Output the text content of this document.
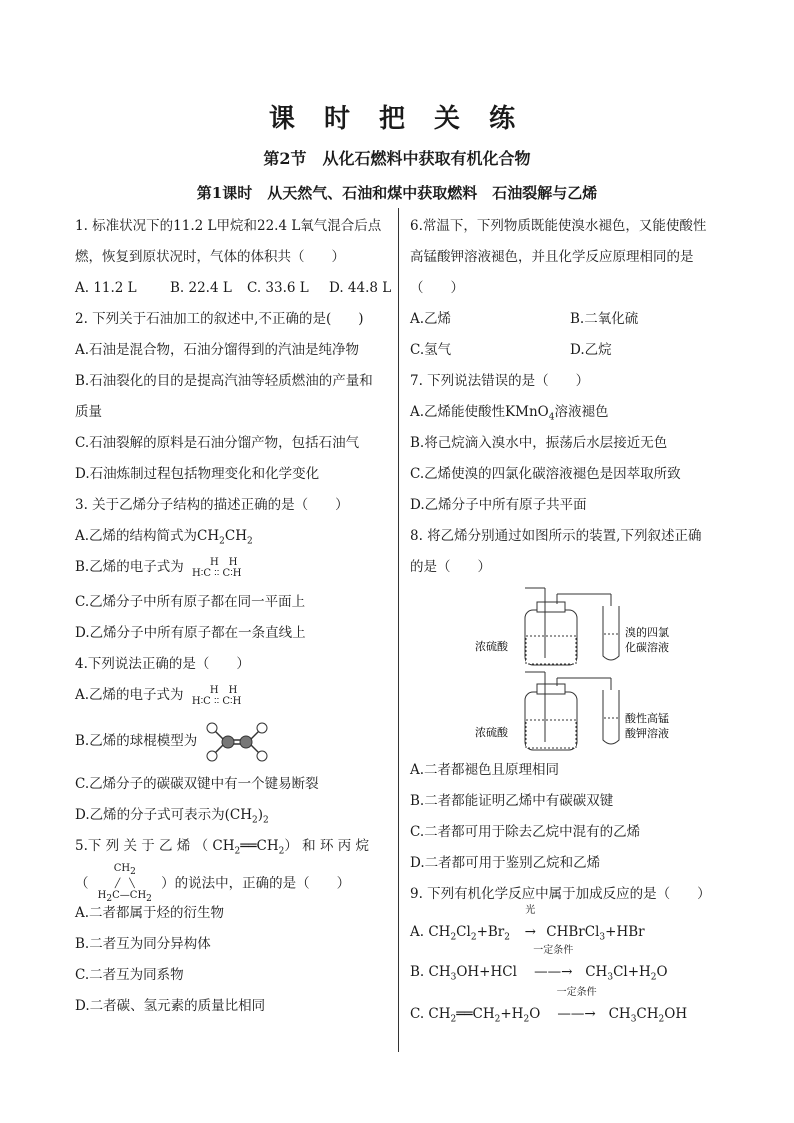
课 时 把 关 练
第2节　从化石燃料中获取有机化合物
第1课时　从天然气、石油和煤中获取燃料　石油裂解与乙烯
1. 标准状况下的11.2 L甲烷和22.4 L氧气混合后点
燃，恢复到原状况时，气体的体积共（　　）
A. 11.2 L	B. 22.4 L	C. 33.6 L	D. 44.8 L
2. 下列关于石油加工的叙述中,不正确的是(　　)
A.石油是混合物，石油分馏得到的汽油是纯净物
B.石油裂化的目的是提高汽油等轻质燃油的产量和
质量
C.石油裂解的原料是石油分馏产物，包括石油气
D.石油炼制过程包括物理变化和化学变化
3. 关于乙烯分子结构的描述正确的是（　　）
A.乙烯的结构简式为$CH_2CH_2$
B.乙烯的电子式为	H　H
H∶C ∶∶ C∶H
C.乙烯分子中所有原子都在同一平面上
D.乙烯分子中所有原子都在一条直线上
4.下列说法正确的是（　　）
A.乙烯的电子式为	H　H
H∶C ∶∶ C∶H
B.乙烯的球棍模型为
C.乙烯分子的碳碳双键中有一个键易断裂
D.乙烯的分子式可表示为$(CH_2)_2$
5.下 列 关 于 乙 烯 （ $CH_2══CH_2$） 和 环 丙 烷
（
$CH_2$
╱　╲
$H_2C—CH_2$
）的说法中，正确的是（　　）
A.二者都属于烃的衍生物
B.二者互为同分异构体
C.二者互为同系物
D.二者碳、氢元素的质量比相同
6.常温下，下列物质既能使溴水褪色，又能使酸性
高锰酸钾溶液褪色，并且化学反应原理相同的是
（　　）
A.乙烯	B.二氧化硫
C.氢气	D.乙烷
7. 下列说法错误的是（　　）
A.乙烯能使酸性KMnO$_4$溶液褪色
B.将己烷滴入溴水中，振荡后水层接近无色
C.乙烯使溴的四氯化碳溶液褪色是因萃取所致
D.乙烯分子中所有原子共平面
8. 将乙烯分别通过如图所示的装置,下列叙述正确
的是（　　）
浓硫酸
溴的四氯
化碳溶液
浓硫酸
酸性高锰
酸钾溶液
A.二者都褪色且原理相同
B.二者都能证明乙烯中有碳碳双键
C.二者都可用于除去乙烷中混有的乙烯
D.二者都可用于鉴别乙烷和乙烯
9. 下列有机化学反应中属于加成反应的是（　　）
A. $CH_2Cl_2+Br_2$
光
→ CHBrCl$_3$+HBr
B. $CH_3OH+HCl$
一定条件
——→ $CH_3Cl+H_2O$
C. $CH_2══CH_2+H_2O$
一定条件
——→ $CH_3CH_2OH$
